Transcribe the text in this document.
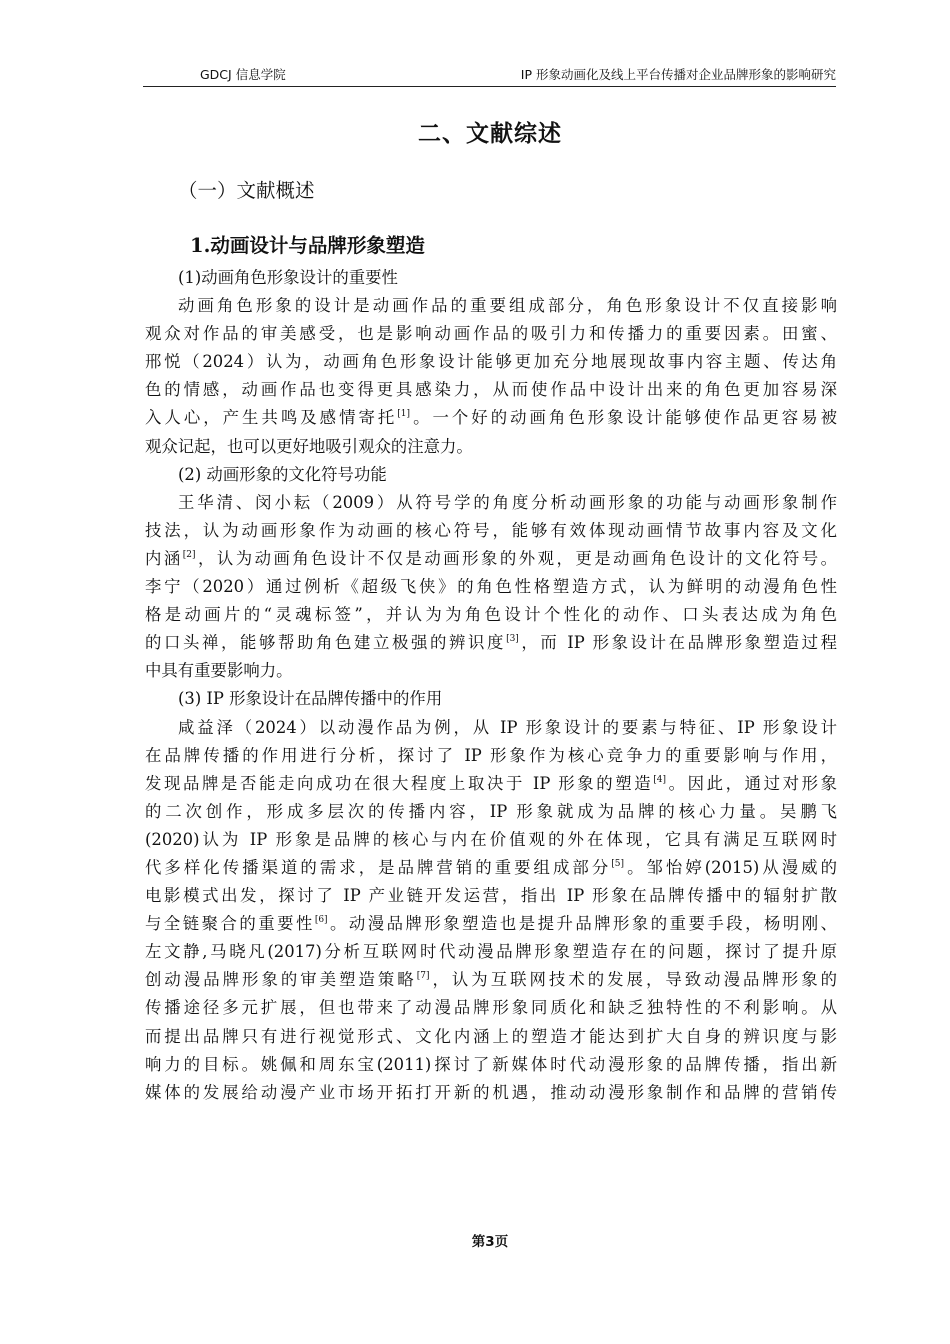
GDCJ 信息学院	IP 形象动画化及线上平台传播对企业品牌形象的影响研究
二、文献综述
（一）文献概述
1.动画设计与品牌形象塑造
(1)动画角色形象设计的重要性
动画角色形象的设计是动画作品的重要组成部分，角色形象设计不仅直接影响
观众对作品的审美感受，也是影响动画作品的吸引力和传播力的重要因素。田蜜、
邢悦（2024）认为，动画角色形象设计能够更加充分地展现故事内容主题、传达角
色的情感，动画作品也变得更具感染力，从而使作品中设计出来的角色更加容易深
入人心，产生共鸣及感情寄托[1]。一个好的动画角色形象设计能够使作品更容易被
观众记起，也可以更好地吸引观众的注意力。
(2) 动画形象的文化符号功能
王华清、闵小耘（2009）从符号学的角度分析动画形象的功能与动画形象制作
技法，认为动画形象作为动画的核心符号，能够有效体现动画情节故事内容及文化
内涵[2]，认为动画角色设计不仅是动画形象的外观，更是动画角色设计的文化符号。
李宁（2020）通过例析《超级飞侠》的角色性格塑造方式，认为鲜明的动漫角色性
格是动画片的“灵魂标签”，并认为为角色设计个性化的动作、口头表达成为角色
的口头禅，能够帮助角色建立极强的辨识度[3]，而 IP 形象设计在品牌形象塑造过程
中具有重要影响力。
(3) IP 形象设计在品牌传播中的作用
咸益泽（2024）以动漫作品为例，从 IP 形象设计的要素与特征、IP 形象设计
在品牌传播的作用进行分析，探讨了 IP 形象作为核心竞争力的重要影响与作用，
发现品牌是否能走向成功在很大程度上取决于 IP 形象的塑造[4]。因此，通过对形象
的二次创作，形成多层次的传播内容，IP 形象就成为品牌的核心力量。吴鹏飞
(2020)认为 IP 形象是品牌的核心与内在价值观的外在体现，它具有满足互联网时
代多样化传播渠道的需求，是品牌营销的重要组成部分[5]。邹怡婷(2015)从漫威的
电影模式出发，探讨了 IP 产业链开发运营，指出 IP 形象在品牌传播中的辐射扩散
与全链聚合的重要性[6]。动漫品牌形象塑造也是提升品牌形象的重要手段，杨明刚、
左文静,马晓凡(2017)分析互联网时代动漫品牌形象塑造存在的问题，探讨了提升原
创动漫品牌形象的审美塑造策略[7]，认为互联网技术的发展，导致动漫品牌形象的
传播途径多元扩展，但也带来了动漫品牌形象同质化和缺乏独特性的不利影响。从
而提出品牌只有进行视觉形式、文化内涵上的塑造才能达到扩大自身的辨识度与影
响力的目标。姚佩和周东宝(2011)探讨了新媒体时代动漫形象的品牌传播，指出新
媒体的发展给动漫产业市场开拓打开新的机遇，推动动漫形象制作和品牌的营销传
第3页
